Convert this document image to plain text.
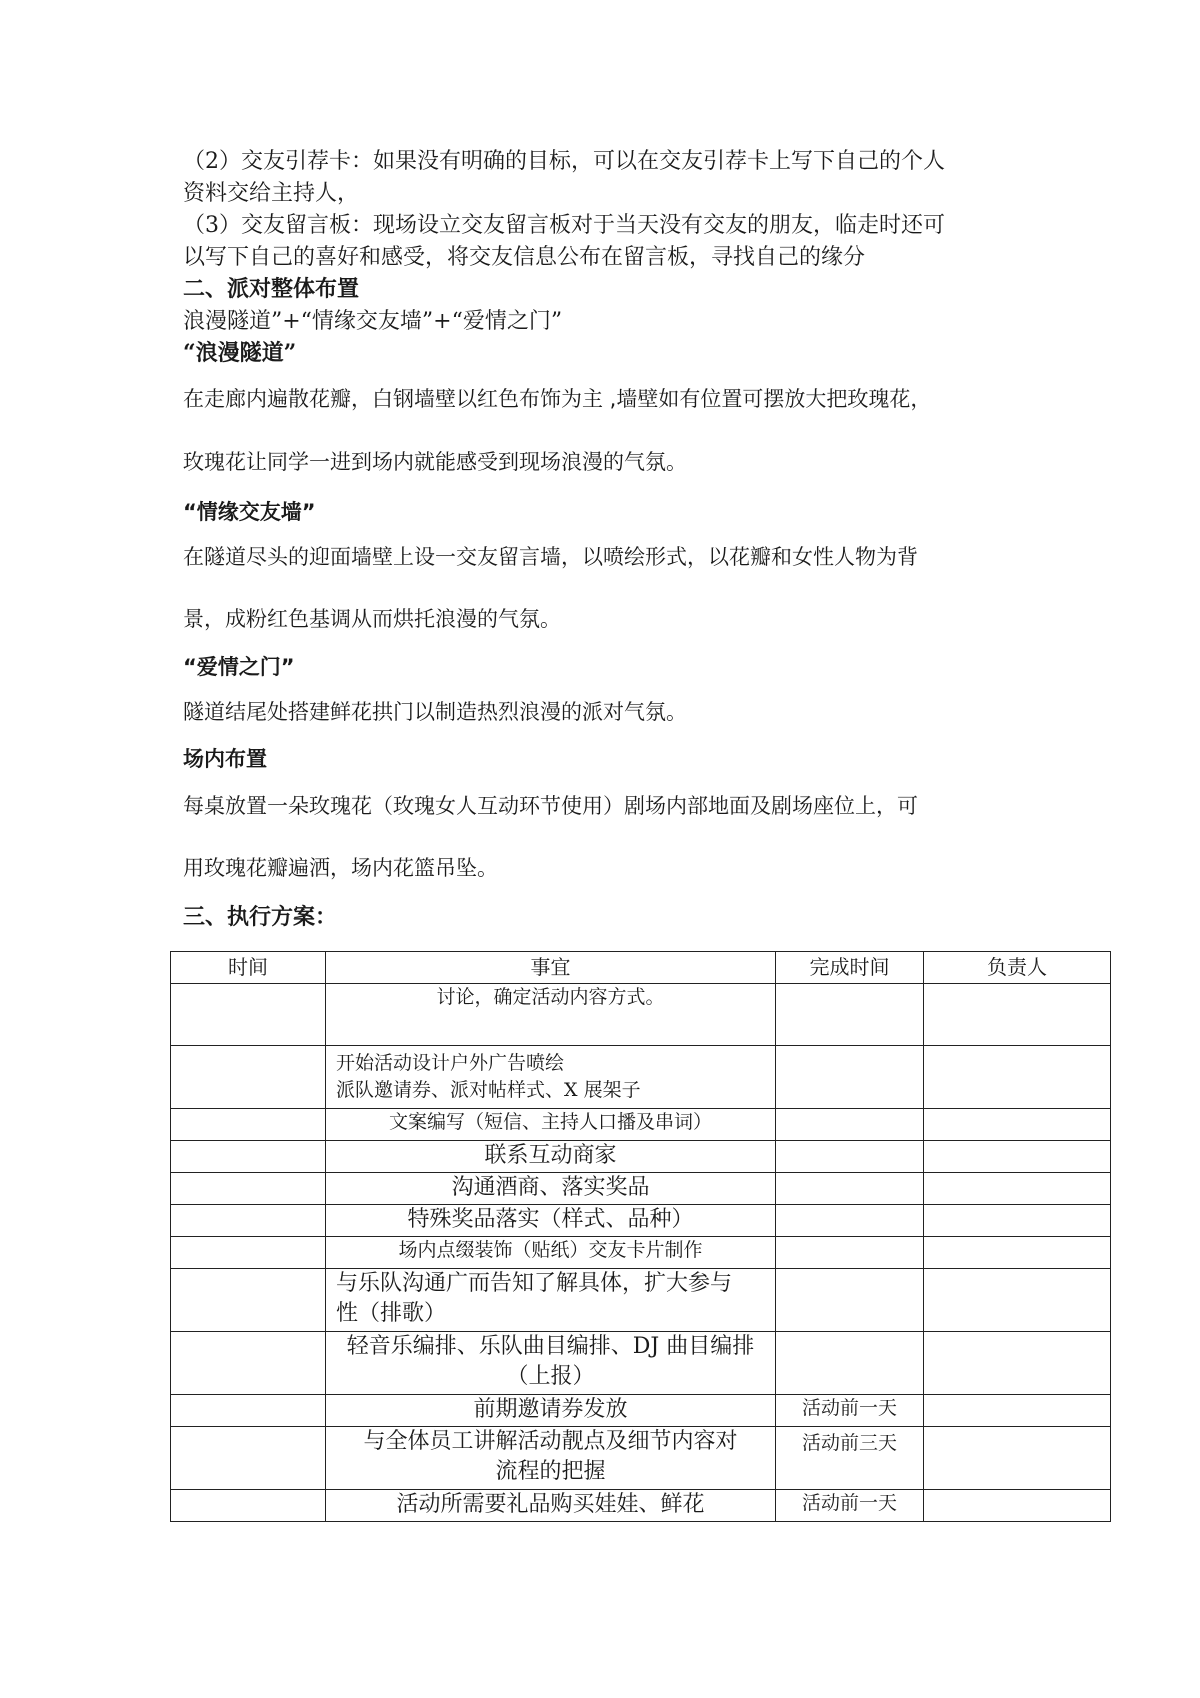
（2）交友引荐卡：如果没有明确的目标，可以在交友引荐卡上写下自己的个人
资料交给主持人，
（3）交友留言板：现场设立交友留言板对于当天没有交友的朋友，临走时还可
以写下自己的喜好和感受，将交友信息公布在留言板，寻找自己的缘分
二、派对整体布置
浪漫隧道”+“情缘交友墙”+“爱情之门”
“浪漫隧道”
在走廊内遍散花瓣，白钢墙壁以红色布饰为主 ,墙壁如有位置可摆放大把玫瑰花，
玫瑰花让同学一进到场内就能感受到现场浪漫的气氛。
“情缘交友墙”
在隧道尽头的迎面墙壁上设一交友留言墙，以喷绘形式，以花瓣和女性人物为背
景，成粉红色基调从而烘托浪漫的气氛。
“爱情之门”
隧道结尾处搭建鲜花拱门以制造热烈浪漫的派对气氛。
场内布置
每桌放置一朵玫瑰花（玫瑰女人互动环节使用）剧场内部地面及剧场座位上，可
用玫瑰花瓣遍洒，场内花篮吊坠。
三、执行方案：
时间	事宜	完成时间	负责人

	讨论，确定活动内容方式。		

	开始活动设计户外广告喷绘
派队邀请券、派对帖样式、X 展架子		

	文案编写（短信、主持人口播及串词）		

	联系互动商家		

	沟通酒商、落实奖品		

	特殊奖品落实（样式、品种）		

	场内点缀装饰（贴纸）交友卡片制作		

	与乐队沟通广而告知了解具体，扩大参与
性（排歌）		

	轻音乐编排、乐队曲目编排、DJ 曲目编排
（上报）		

	前期邀请券发放	活动前一天	

	与全体员工讲解活动靓点及细节内容对
流程的把握	活动前三天	

	活动所需要礼品购买娃娃、鲜花	活动前一天	
